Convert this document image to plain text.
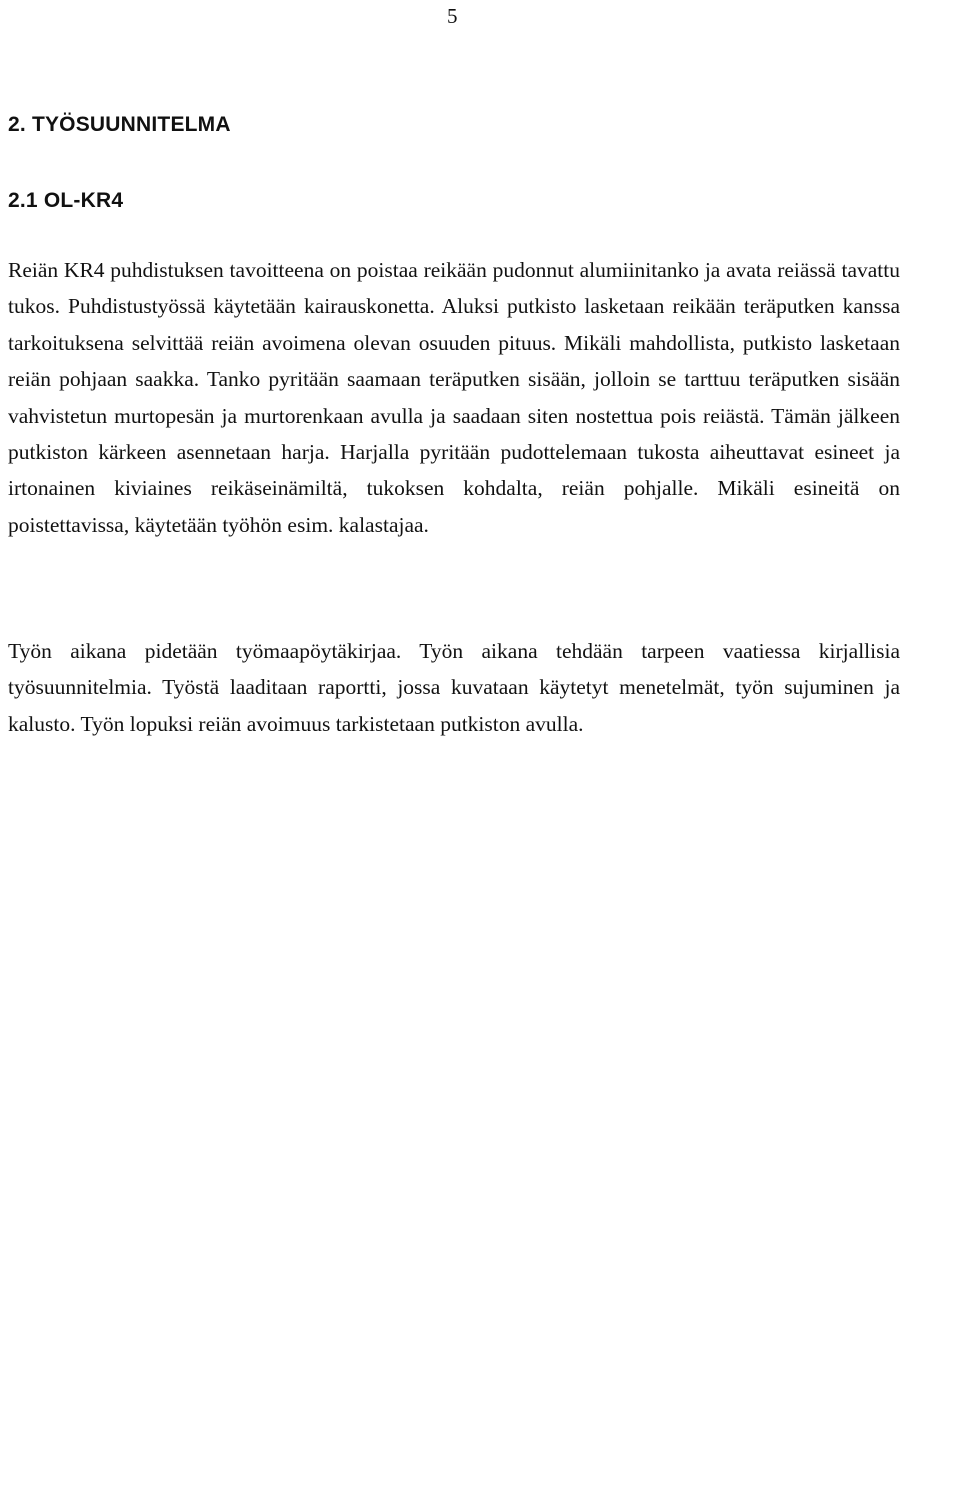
5
2. TYÖSUUNNITELMA
2.1 OL-KR4

Reiän KR4 puhdistuksen tavoitteena on poistaa reikään pudonnut alumiinitanko ja avata reiässä tavattu tukos. Puhdistustyössä käytetään kairauskonetta. Aluksi putkisto lasketaan reikään teräputken kanssa tarkoituksena selvittää reiän avoimena olevan osuuden pituus. Mikäli mahdollista, putkisto lasketaan reiän pohjaan saakka. Tanko pyritään saamaan teräputken sisään, jolloin se tarttuu teräputken sisään vahvistetun murtopesän ja murtorenkaan avulla ja saadaan siten nostettua pois reiästä. Tämän jälkeen putkiston kärkeen asennetaan harja. Harjalla pyritään pudottelemaan tukosta aiheuttavat esineet ja irtonainen kiviaines reikäseinämiltä, tukoksen kohdalta, reiän pohjalle. Mikäli esineitä on poistettavissa, käytetään työhön esim. kalastajaa.

Työn aikana pidetään työmaapöytäkirjaa. Työn aikana tehdään tarpeen vaatiessa kirjallisia työsuunnitelmia. Työstä laaditaan raportti, jossa kuvataan käytetyt menetelmät, työn sujuminen ja kalusto. Työn lopuksi reiän avoimuus tarkistetaan putkiston avulla.
